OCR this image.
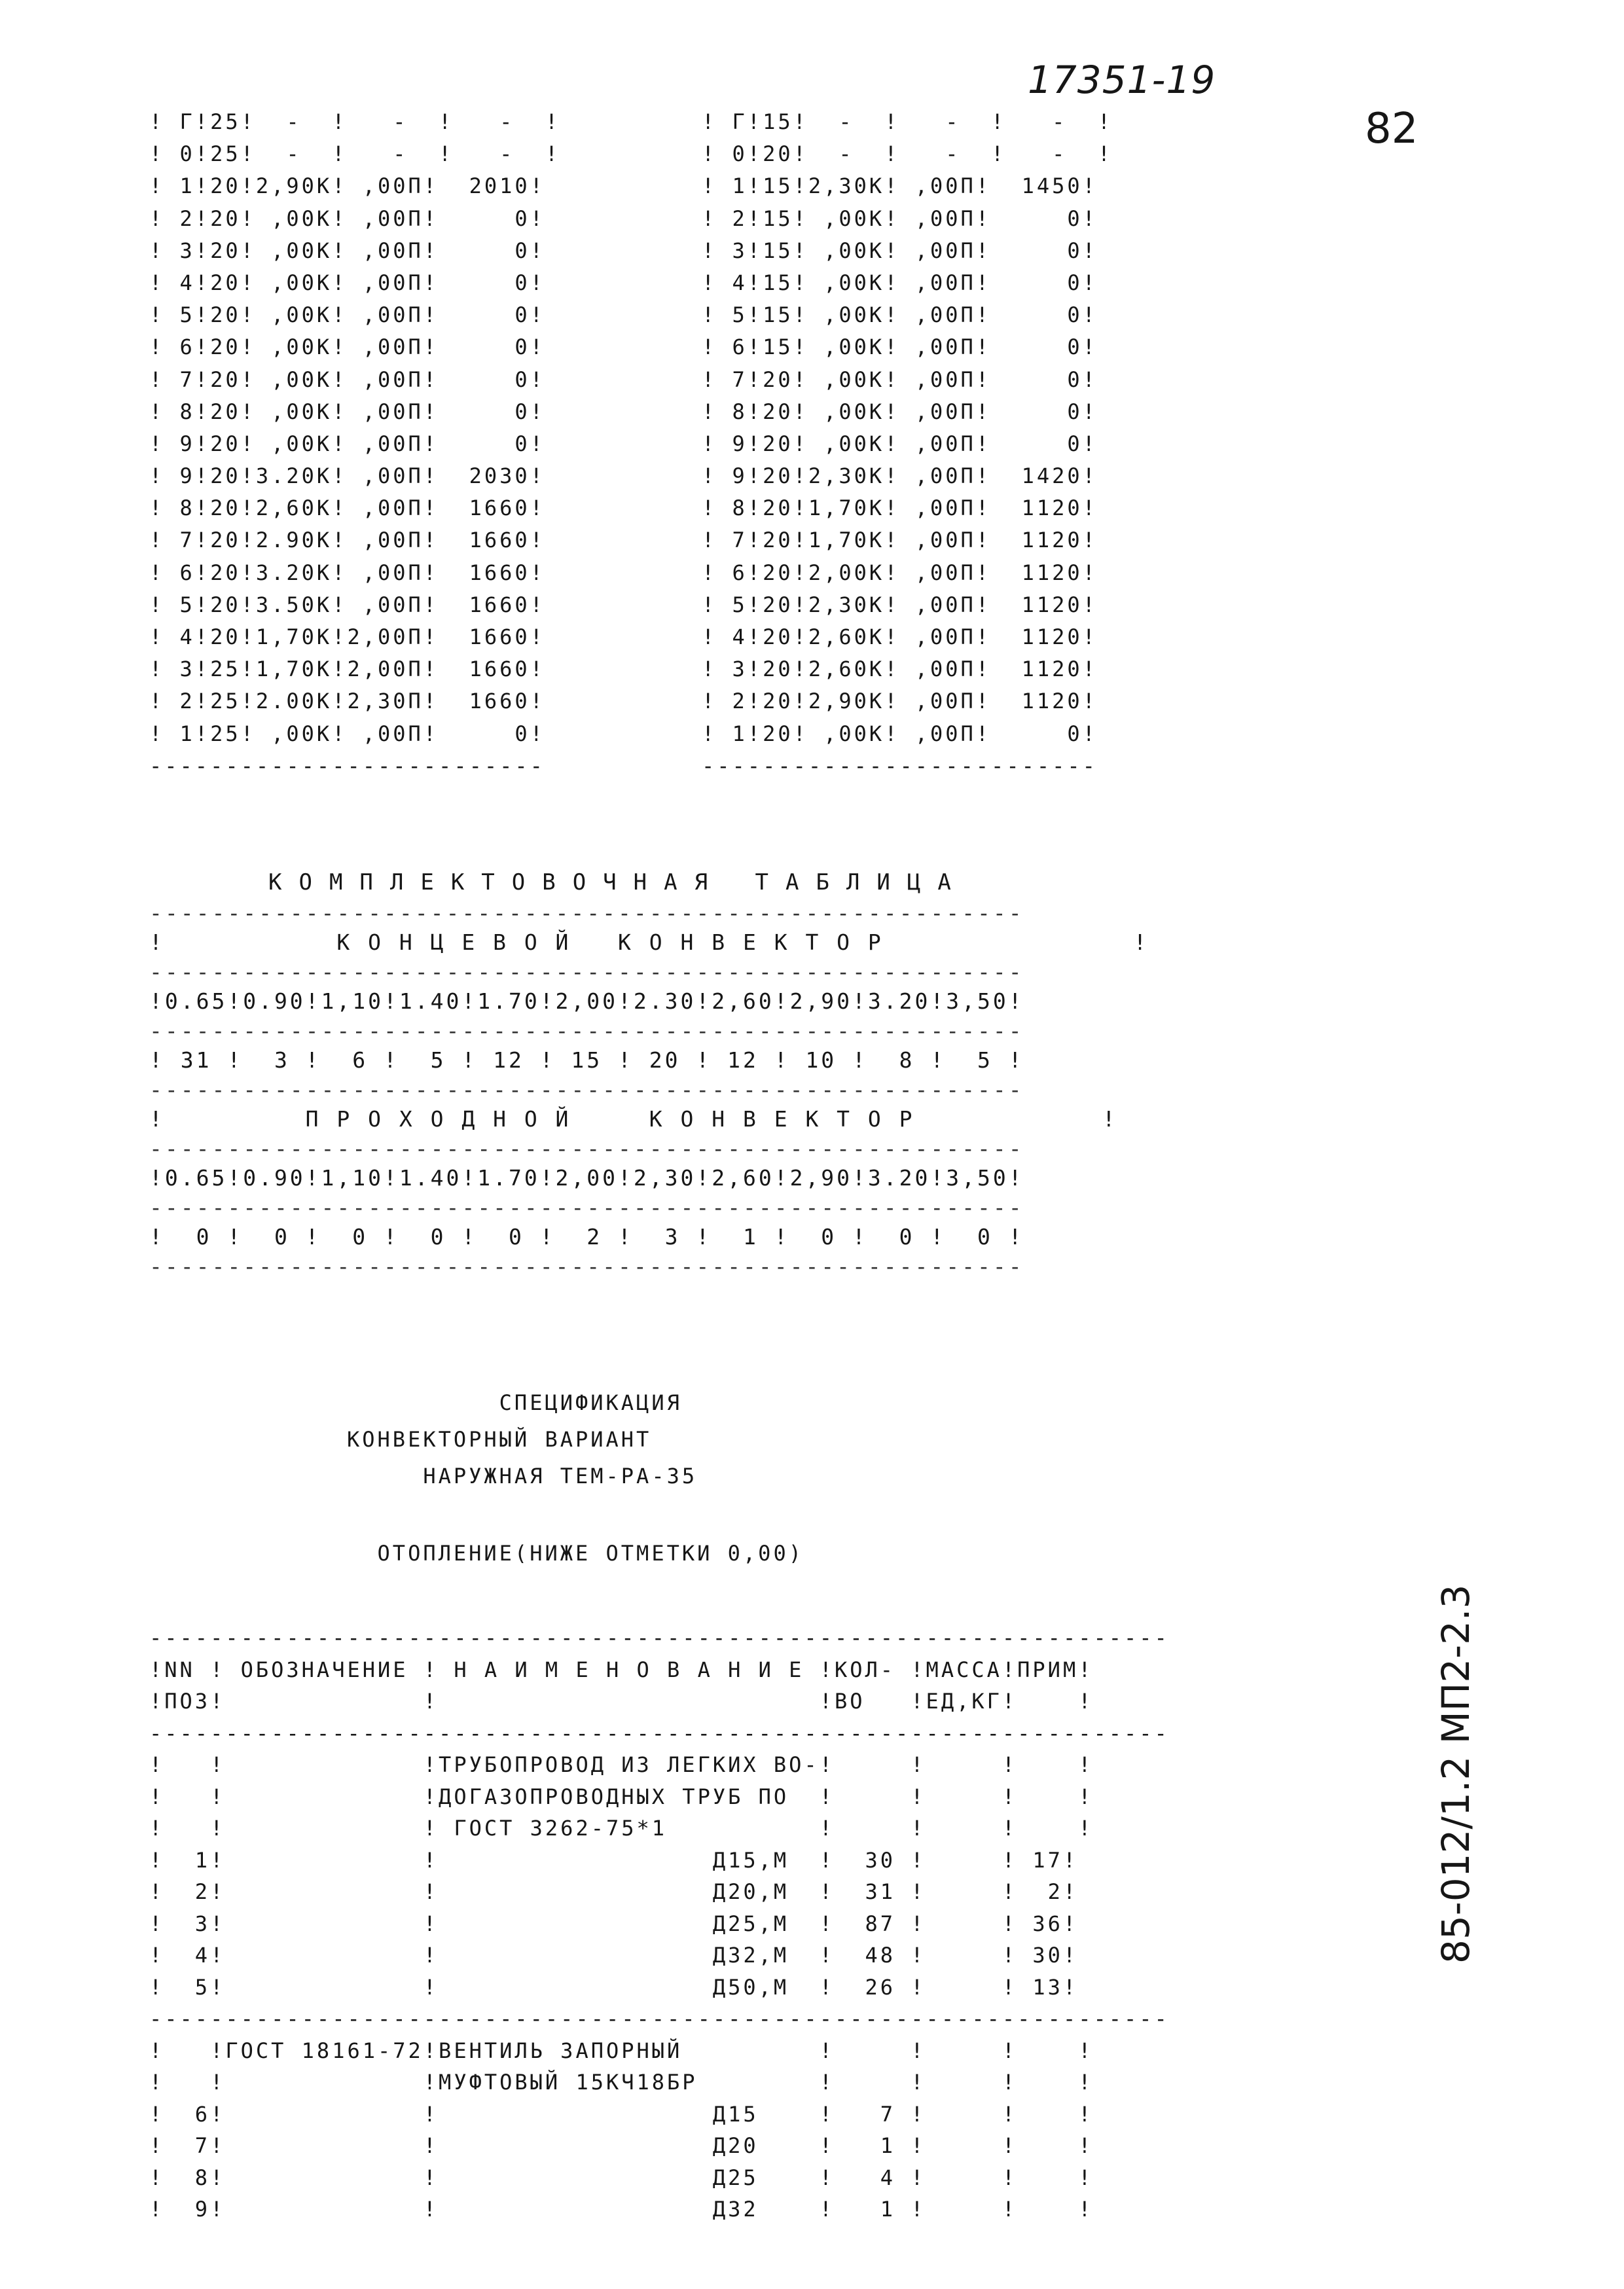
17351-19
82
85-012/1.2 МП2-2.3
! Г!25!  -  !   -  !   -  !
! 0!25!  -  !   -  !   -  !
! 1!20!2,90К! ,00П!  2010!
! 2!20! ,00К! ,00П!     0!
! 3!20! ,00К! ,00П!     0!
! 4!20! ,00К! ,00П!     0!
! 5!20! ,00К! ,00П!     0!
! 6!20! ,00К! ,00П!     0!
! 7!20! ,00К! ,00П!     0!
! 8!20! ,00К! ,00П!     0!
! 9!20! ,00К! ,00П!     0!
! 9!20!3.20К! ,00П!  2030!
! 8!20!2,60К! ,00П!  1660!
! 7!20!2.90К! ,00П!  1660!
! 6!20!3.20К! ,00П!  1660!
! 5!20!3.50К! ,00П!  1660!
! 4!20!1,70К!2,00П!  1660!
! 3!25!1,70К!2,00П!  1660!
! 2!25!2.00К!2,30П!  1660!
! 1!25! ,00К! ,00П!     0!
--------------------------
! Г!15!  -  !   -  !   -  !
! 0!20!  -  !   -  !   -  !
! 1!15!2,30К! ,00П!  1450!
! 2!15! ,00К! ,00П!     0!
! 3!15! ,00К! ,00П!     0!
! 4!15! ,00К! ,00П!     0!
! 5!15! ,00К! ,00П!     0!
! 6!15! ,00К! ,00П!     0!
! 7!20! ,00К! ,00П!     0!
! 8!20! ,00К! ,00П!     0!
! 9!20! ,00К! ,00П!     0!
! 9!20!2,30К! ,00П!  1420!
! 8!20!1,70К! ,00П!  1120!
! 7!20!1,70К! ,00П!  1120!
! 6!20!2,00К! ,00П!  1120!
! 5!20!2,30К! ,00П!  1120!
! 4!20!2,60К! ,00П!  1120!
! 3!20!2,60К! ,00П!  1120!
! 2!20!2,90К! ,00П!  1120!
! 1!20! ,00К! ,00П!     0!
--------------------------
КОМПЛЕКТОВОЧНАЯ ТАБЛИЦА
--------------------------------------------------------
!           К О Н Ц Е В О Й   К О Н В Е К Т О Р                !
--------------------------------------------------------
!0.65!0.90!1,10!1.40!1.70!2,00!2.30!2,60!2,90!3.20!3,50!
--------------------------------------------------------
! 31 !  3 !  6 !  5 ! 12 ! 15 ! 20 ! 12 ! 10 !  8 !  5 !
--------------------------------------------------------
!         П Р О Х О Д Н О Й     К О Н В Е К Т О Р            !
--------------------------------------------------------
!0.65!0.90!1,10!1.40!1.70!2,00!2,30!2,60!2,90!3.20!3,50!
--------------------------------------------------------
!  0 !  0 !  0 !  0 !  0 !  2 !  3 !  1 !  0 !  0 !  0 !
--------------------------------------------------------
СПЕЦИФИКАЦИЯ
КОНВЕКТОРНЫЙ ВАРИАНТ
НАРУЖНАЯ ТЕМ-РА-35
ОТОПЛЕНИЕ(НИЖЕ ОТМЕТКИ 0,00)
-------------------------------------------------------------------
!NN ! ОБОЗНАЧЕНИЕ ! Н А И М Е Н О В А Н И Е !КОЛ- !МАССА!ПРИМ!
!ПОЗ!             !                         !ВО   !ЕД,КГ!    !
-------------------------------------------------------------------
!   !             !ТРУБОПРОВОД ИЗ ЛЕГКИХ ВО-!     !     !    !
!   !             !ДОГАЗОПРОВОДНЫХ ТРУБ ПО  !     !     !    !
!   !             ! ГОСТ 3262-75*1          !     !     !    !
!  1!             !                  Д15,М  !  30 !     ! 17!
!  2!             !                  Д20,М  !  31 !     !  2!
!  3!             !                  Д25,М  !  87 !     ! 36!
!  4!             !                  Д32,М  !  48 !     ! 30!
!  5!             !                  Д50,М  !  26 !     ! 13!
-------------------------------------------------------------------
!   !ГОСТ 18161-72!ВЕНТИЛЬ ЗАПОРНЫЙ         !     !     !    !
!   !             !МУФТОВЫЙ 15КЧ18БР        !     !     !    !
!  6!             !                  Д15    !   7 !     !    !
!  7!             !                  Д20    !   1 !     !    !
!  8!             !                  Д25    !   4 !     !    !
!  9!             !                  Д32    !   1 !     !    !
